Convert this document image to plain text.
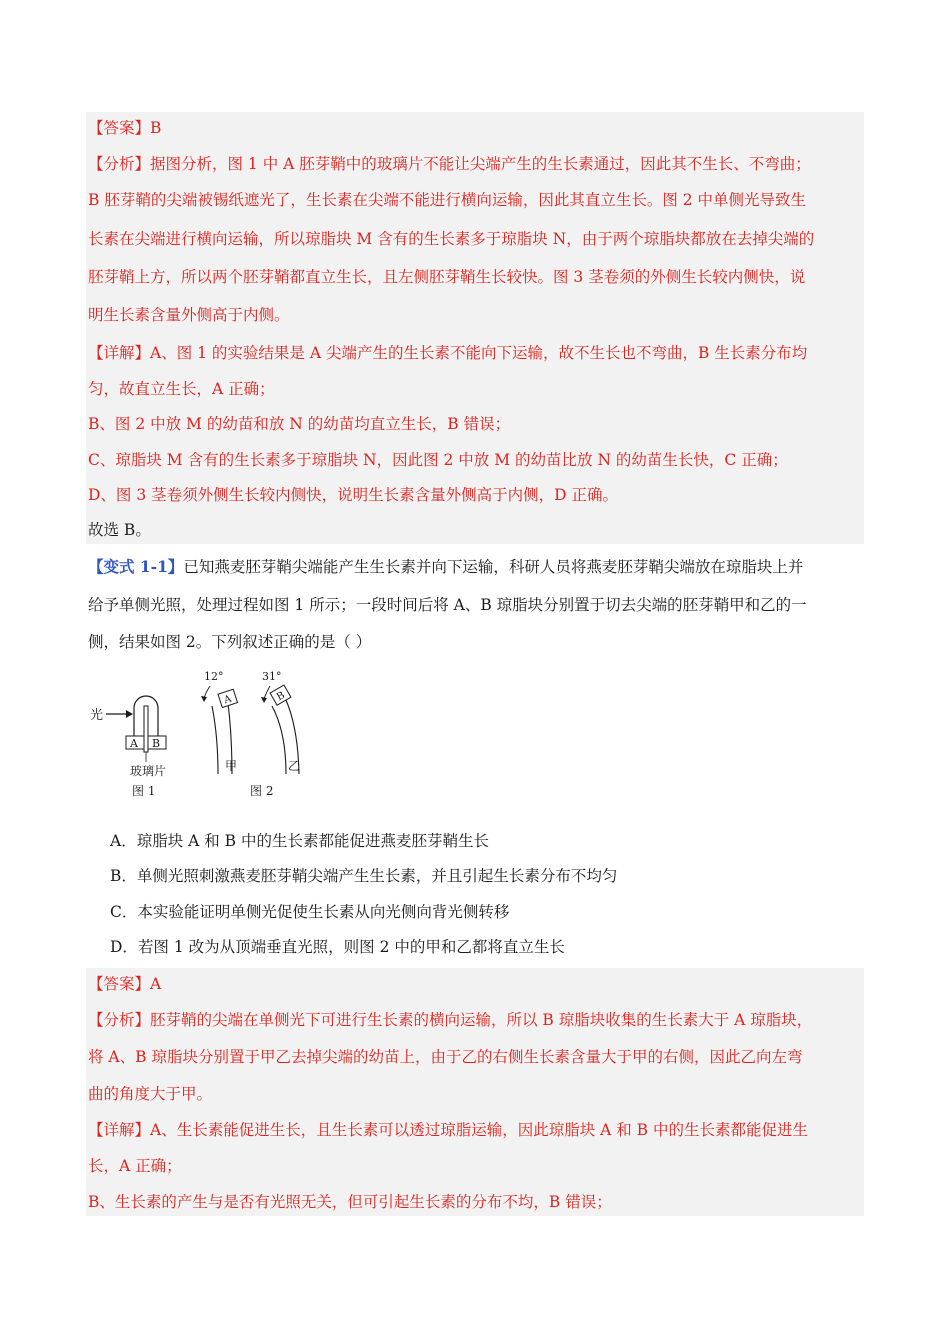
【答案】B
【分析】据图分析，图 1 中 A 胚芽鞘中的玻璃片不能让尖端产生的生长素通过，因此其不生长、不弯曲；
B 胚芽鞘的尖端被锡纸遮光了，生长素在尖端不能进行横向运输，因此其直立生长。图 2 中单侧光导致生
长素在尖端进行横向运输，所以琼脂块 M 含有的生长素多于琼脂块 N，由于两个琼脂块都放在去掉尖端的
胚芽鞘上方，所以两个胚芽鞘都直立生长，且左侧胚芽鞘生长较快。图 3 茎卷须的外侧生长较内侧快，说
明生长素含量外侧高于内侧。
【详解】A、图 1 的实验结果是 A 尖端产生的生长素不能向下运输，故不生长也不弯曲，B 生长素分布均
匀，故直立生长，A 正确；
B、图 2 中放 M 的幼苗和放 N 的幼苗均直立生长，B 错误；
C、琼脂块 M 含有的生长素多于琼脂块 N，因此图 2 中放 M 的幼苗比放 N 的幼苗生长快，C 正确；
D、图 3 茎卷须外侧生长较内侧快，说明生长素含量外侧高于内侧，D 正确。
故选 B。
【变式 1-1】已知燕麦胚芽鞘尖端能产生生长素并向下运输，科研人员将燕麦胚芽鞘尖端放在琼脂块上并
给予单侧光照，处理过程如图 1 所示；一段时间后将 A、B 琼脂块分别置于切去尖端的胚芽鞘甲和乙的一
侧，结果如图 2。下列叙述正确的是（ ）
光
A B
玻璃片
图 1
12°
A
甲
31°
B
乙
图 2
A．琼脂块 A 和 B 中的生长素都能促进燕麦胚芽鞘生长
B．单侧光照刺激燕麦胚芽鞘尖端产生生长素，并且引起生长素分布不均匀
C．本实验能证明单侧光促使生长素从向光侧向背光侧转移
D．若图 1 改为从顶端垂直光照，则图 2 中的甲和乙都将直立生长
【答案】A
【分析】胚芽鞘的尖端在单侧光下可进行生长素的横向运输，所以 B 琼脂块收集的生长素大于 A 琼脂块，
将 A、B 琼脂块分别置于甲乙去掉尖端的幼苗上，由于乙的右侧生长素含量大于甲的右侧，因此乙向左弯
曲的角度大于甲。
【详解】A、生长素能促进生长，且生长素可以透过琼脂运输，因此琼脂块 A 和 B 中的生长素都能促进生
长，A 正确；
B、生长素的产生与是否有光照无关，但可引起生长素的分布不均，B 错误；
